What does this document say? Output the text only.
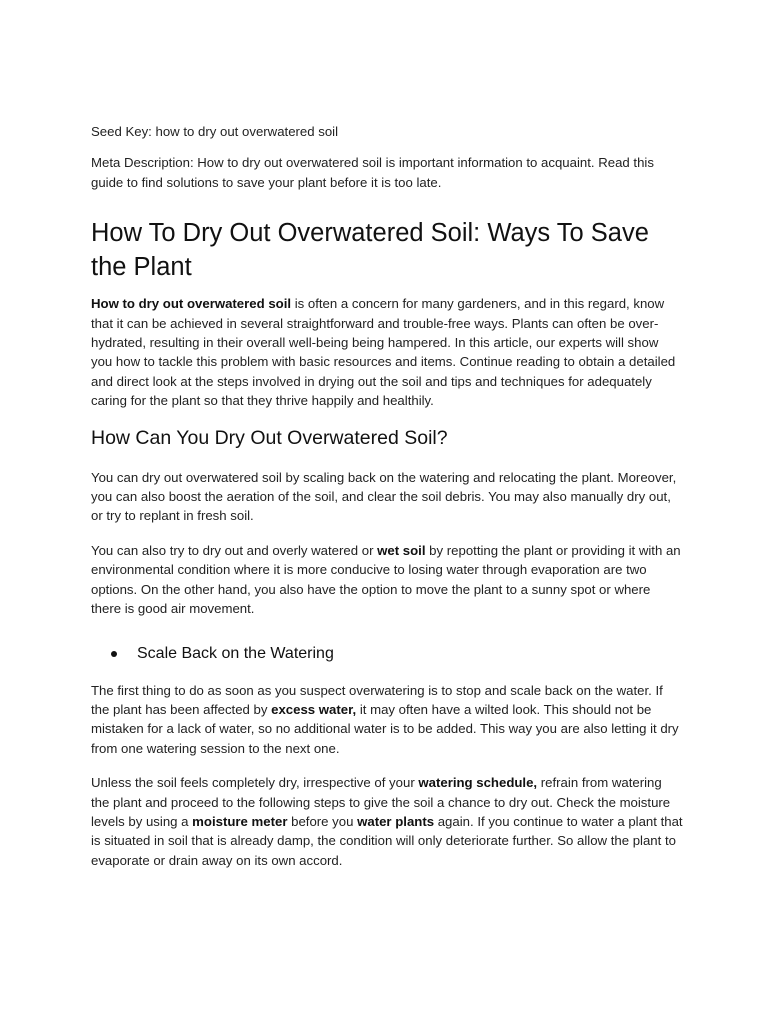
Seed Key: how to dry out overwatered soil

Meta Description: How to dry out overwatered soil is important information to acquaint. Read this guide to find solutions to save your plant before it is too late.

How To Dry Out Overwatered Soil: Ways To Save the Plant

How to dry out overwatered soil is often a concern for many gardeners, and in this regard, know that it can be achieved in several straightforward and trouble-free ways. Plants can often be over-hydrated, resulting in their overall well-being being hampered. In this article, our experts will show you how to tackle this problem with basic resources and items. Continue reading to obtain a detailed and direct look at the steps involved in drying out the soil and tips and techniques for adequately caring for the plant so that they thrive happily and healthily.

How Can You Dry Out Overwatered Soil?

You can dry out overwatered soil by scaling back on the watering and relocating the plant. Moreover, you can also boost the aeration of the soil, and clear the soil debris. You may also manually dry out, or try to replant in fresh soil.

You can also try to dry out and overly watered or wet soil by repotting the plant or providing it with an environmental condition where it is more conducive to losing water through evaporation are two options. On the other hand, you also have the option to move the plant to a sunny spot or where there is good air movement.

Scale Back on the Watering

The first thing to do as soon as you suspect overwatering is to stop and scale back on the water. If the plant has been affected by excess water, it may often have a wilted look. This should not be mistaken for a lack of water, so no additional water is to be added. This way you are also letting it dry from one watering session to the next one.

Unless the soil feels completely dry, irrespective of your watering schedule, refrain from watering the plant and proceed to the following steps to give the soil a chance to dry out. Check the moisture levels by using a moisture meter before you water plants again. If you continue to water a plant that is situated in soil that is already damp, the condition will only deteriorate further. So allow the plant to evaporate or drain away on its own accord.
